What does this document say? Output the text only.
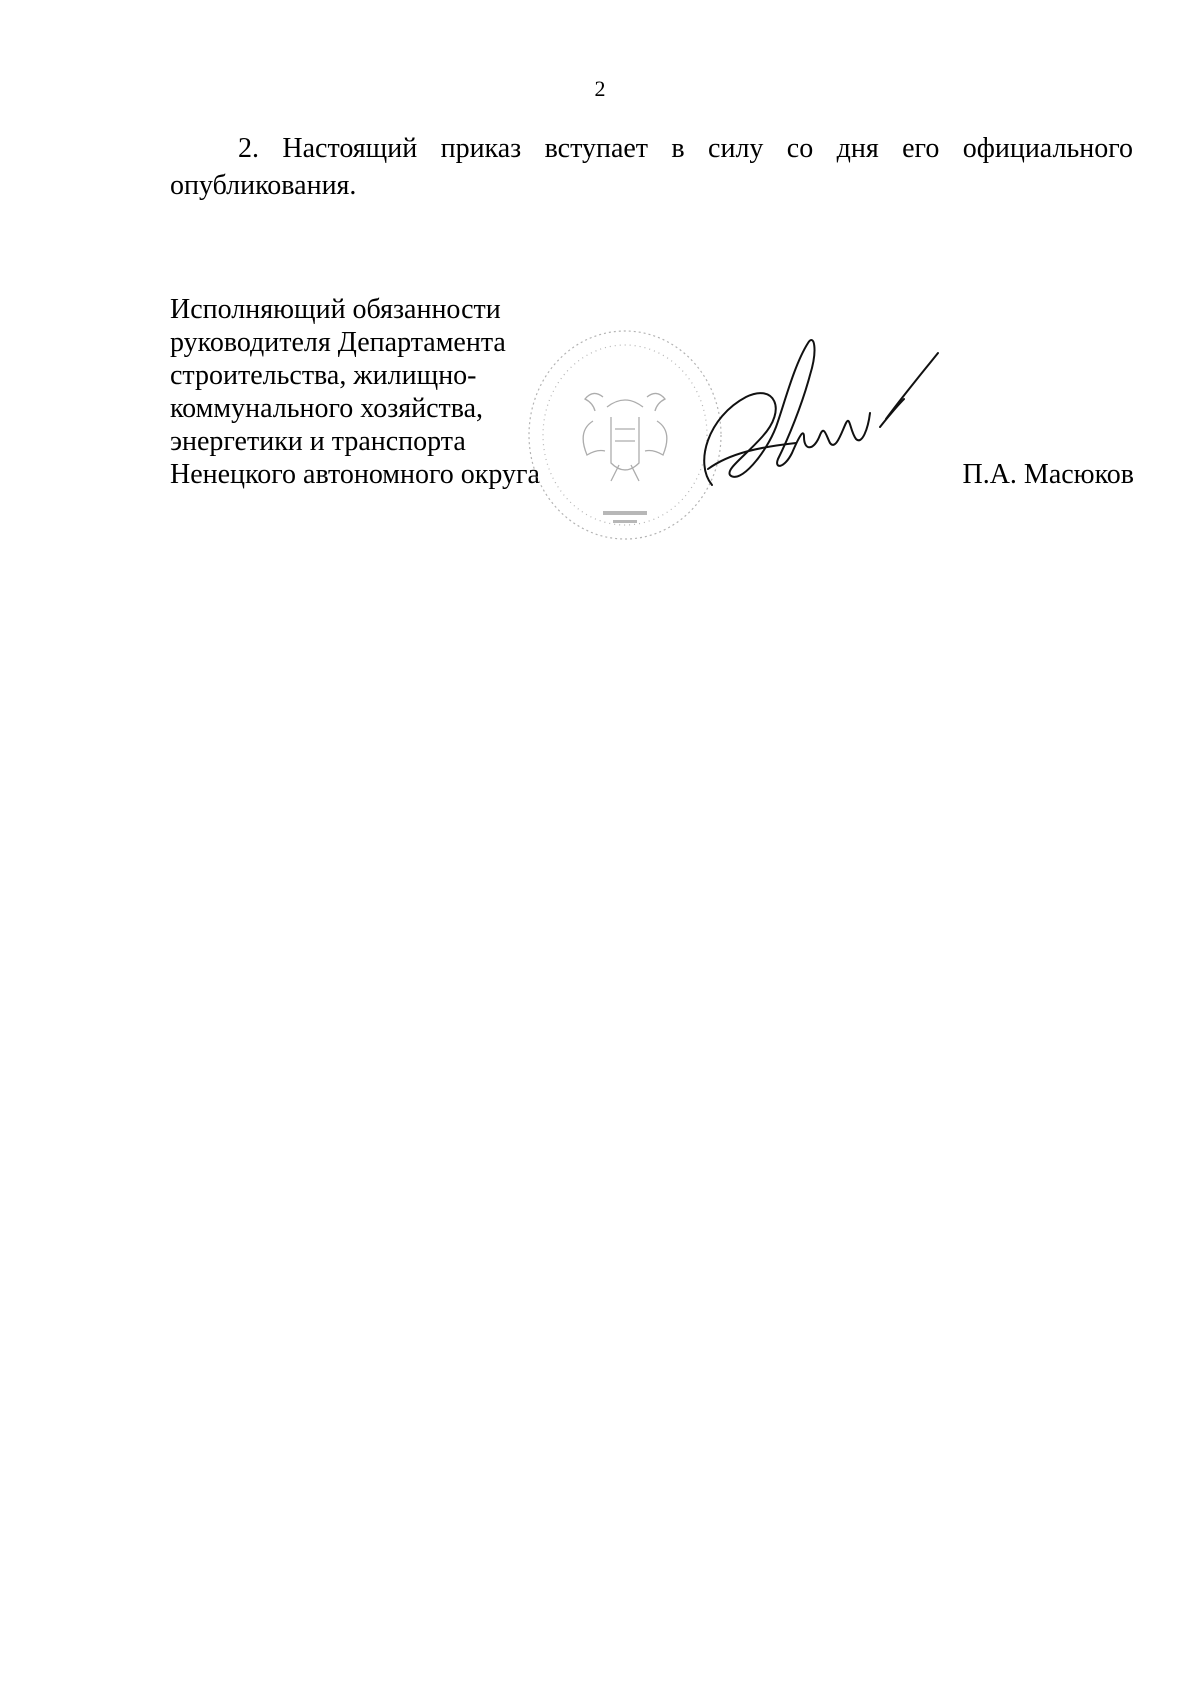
2
2. Настоящий приказ вступает в силу со дня его официального опубликования.
Исполняющий обязанности
руководителя Департамента
строительства, жилищно-
коммунального хозяйства,
энергетики и транспорта
Ненецкого автономного округа	П.А. Масюков
